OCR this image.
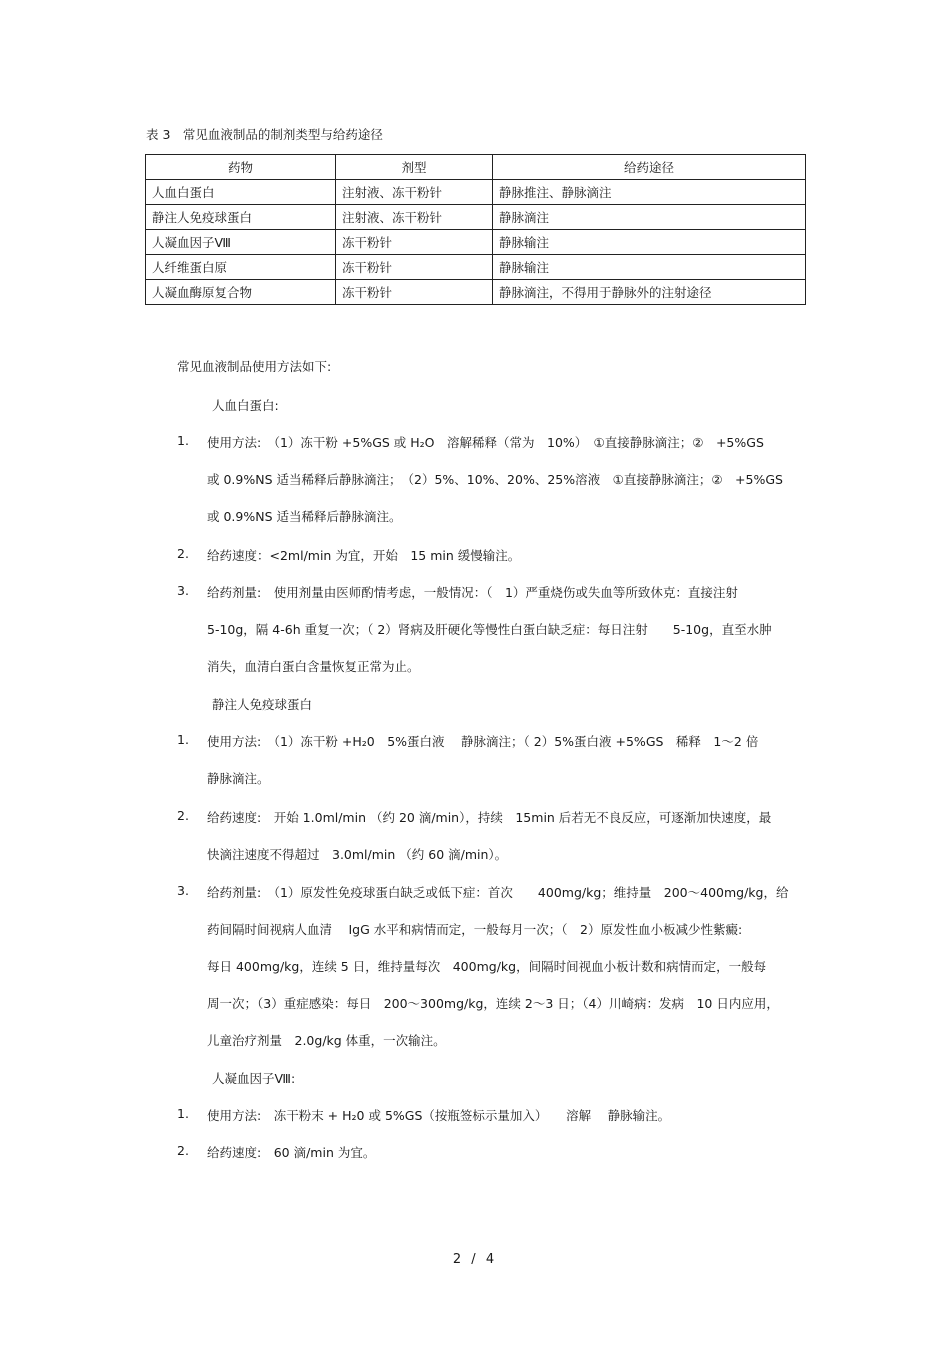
表 3　常见血液制品的制剂类型与给药途径
药物	剂型	给药途径
人血白蛋白	注射液、冻干粉针	静脉推注、静脉滴注
静注人免疫球蛋白	注射液、冻干粉针	静脉滴注
人凝血因子Ⅷ	冻干粉针	静脉输注
人纤维蛋白原	冻干粉针	静脉输注
人凝血酶原复合物	冻干粉针	静脉滴注，不得用于静脉外的注射途径
常见血液制品使用方法如下:
人血白蛋白:
1. 使用方法:　（1）冻干粉 +5%GS 或 H₂O　溶解稀释（常为　10%）　①直接静脉滴注；②　+5%GS
或 0.9%NS 适当稀释后静脉滴注；　（2）5%、10%、20%、25%溶液　①直接静脉滴注；②　+5%GS
或 0.9%NS 适当稀释后静脉滴注。
2. 给药速度：<2ml/min 为宜，开始　15 min 缓慢输注。
3. 给药剂量:　使用剂量由医师酌情考虑，一般情况：（　1）严重烧伤或失血等所致休克：直接注射
5-10g，隔 4-6h 重复一次；（ 2）肾病及肝硬化等慢性白蛋白缺乏症：每日注射　　5-10g，直至水肿
消失，血清白蛋白含量恢复正常为止。
静注人免疫球蛋白
1. 使用方法:　（1）冻干粉 +H₂0　5%蛋白液　 静脉滴注；（ 2）5%蛋白液 +5%GS　稀释　1～2 倍
静脉滴注。
2. 给药速度:　开始 1.0ml/min （约 20 滴/min），持续　15min 后若无不良反应，可逐渐加快速度，最
快滴注速度不得超过　3.0ml/min （约 60 滴/min）。
3. 给药剂量:　（1）原发性免疫球蛋白缺乏或低下症：首次　　400mg/kg；维持量　200～400mg/kg，给
药间隔时间视病人血清　 IgG 水平和病情而定，一般每月一次；（　2）原发性血小板减少性紫癜:
每日 400mg/kg，连续 5 日，维持量每次　400mg/kg，间隔时间视血小板计数和病情而定，一般每
周一次；（3）重症感染：每日　200～300mg/kg，连续 2～3 日；（4）川崎病：发病　10 日内应用，
儿童治疗剂量　2.0g/kg 体重，一次输注。
人凝血因子Ⅷ:
1. 使用方法:　冻干粉末 + H₂0 或 5%GS（按瓶签标示量加入）　　溶解　 静脉输注。
2. 给药速度:　60 滴/min 为宜。
2 / 4
